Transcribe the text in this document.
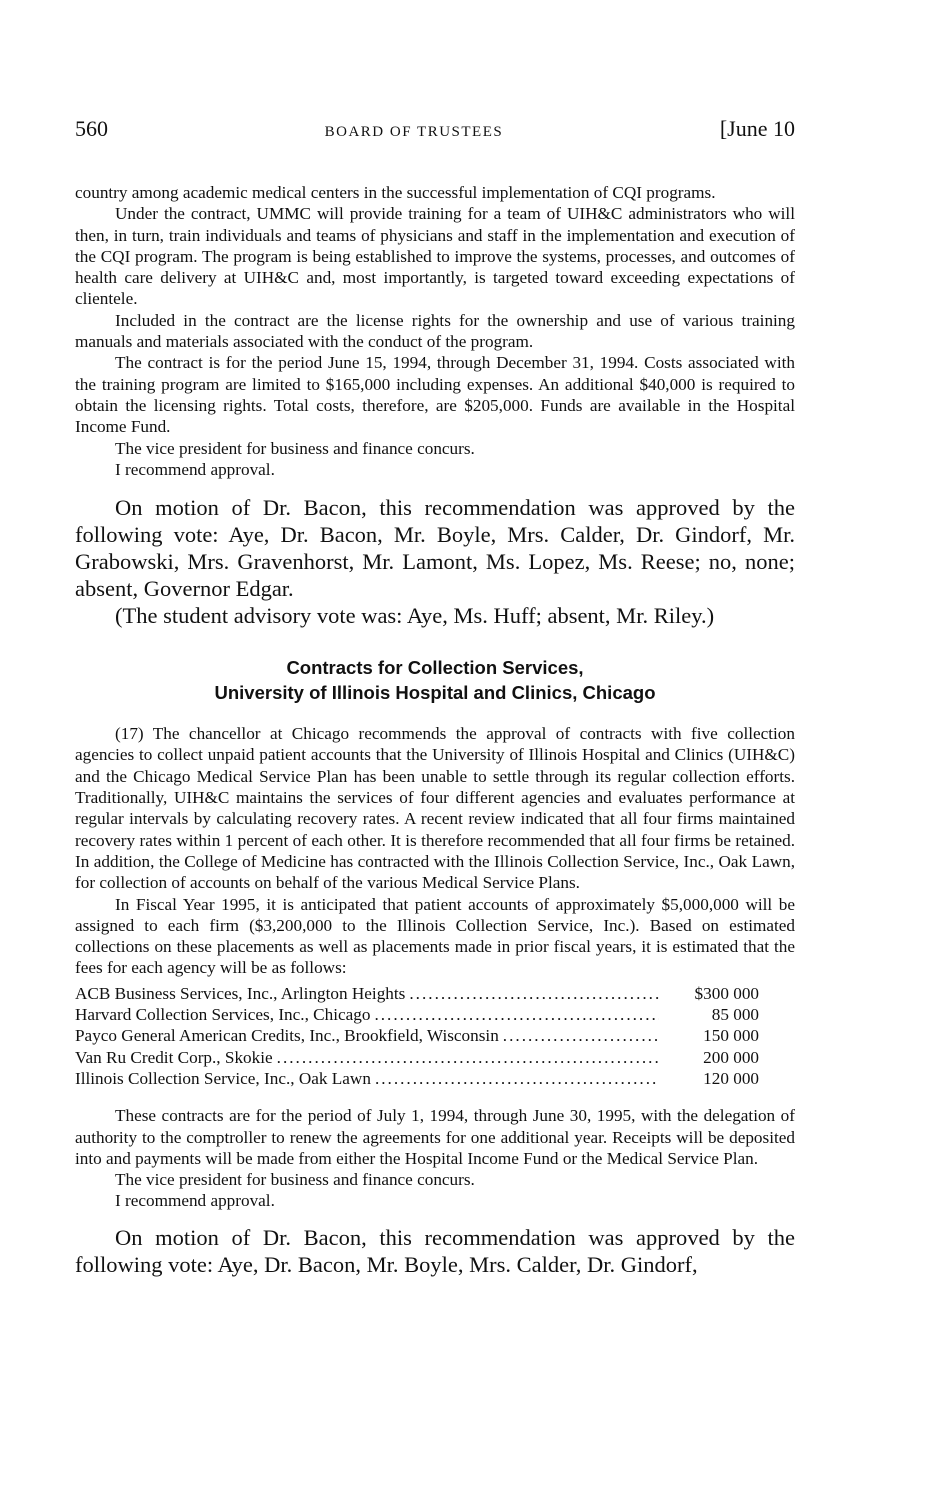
560	BOARD OF TRUSTEES	[June 10

country among academic medical centers in the successful implementation of CQI programs.

Under the contract, UMMC will provide training for a team of UIH&C administrators who will then, in turn, train individuals and teams of physicians and staff in the implementation and execution of the CQI program. The program is being established to improve the systems, processes, and outcomes of health care delivery at UIH&C and, most importantly, is targeted toward exceeding expectations of clientele.

Included in the contract are the license rights for the ownership and use of various training manuals and materials associated with the conduct of the program.

The contract is for the period June 15, 1994, through December 31, 1994. Costs associated with the training program are limited to $165,000 including expenses. An additional $40,000 is required to obtain the licensing rights. Total costs, therefore, are $205,000. Funds are available in the Hospital Income Fund.

The vice president for business and finance concurs.

I recommend approval.

On motion of Dr. Bacon, this recommendation was approved by the following vote: Aye, Dr. Bacon, Mr. Boyle, Mrs. Calder, Dr. Gindorf, Mr. Grabowski, Mrs. Gravenhorst, Mr. Lamont, Ms. Lopez, Ms. Reese; no, none; absent, Governor Edgar.

(The student advisory vote was: Aye, Ms. Huff; absent, Mr. Riley.)

Contracts for Collection Services,
University of Illinois Hospital and Clinics, Chicago

(17) The chancellor at Chicago recommends the approval of contracts with five collection agencies to collect unpaid patient accounts that the University of Illinois Hospital and Clinics (UIH&C) and the Chicago Medical Service Plan has been unable to settle through its regular collection efforts. Traditionally, UIH&C maintains the services of four different agencies and evaluates performance at regular intervals by calculating recovery rates. A recent review indicated that all four firms maintained recovery rates within 1 percent of each other. It is therefore recommended that all four firms be retained. In addition, the College of Medicine has contracted with the Illinois Collection Service, Inc., Oak Lawn, for collection of accounts on behalf of the various Medical Service Plans.

In Fiscal Year 1995, it is anticipated that patient accounts of approximately $5,000,000 will be assigned to each firm ($3,200,000 to the Illinois Collection Service, Inc.). Based on estimated collections on these placements as well as placements made in prior fiscal years, it is estimated that the fees for each agency will be as follows:

ACB Business Services, Inc., Arlington Heights .....	$300 000
Harvard Collection Services, Inc., Chicago .....	85 000
Payco General American Credits, Inc., Brookfield, Wisconsin .....	150 000
Van Ru Credit Corp., Skokie .....	200 000
Illinois Collection Service, Inc., Oak Lawn .....	120 000

These contracts are for the period of July 1, 1994, through June 30, 1995, with the delegation of authority to the comptroller to renew the agreements for one additional year. Receipts will be deposited into and payments will be made from either the Hospital Income Fund or the Medical Service Plan.

The vice president for business and finance concurs.

I recommend approval.

On motion of Dr. Bacon, this recommendation was approved by the following vote: Aye, Dr. Bacon, Mr. Boyle, Mrs. Calder, Dr. Gindorf,
